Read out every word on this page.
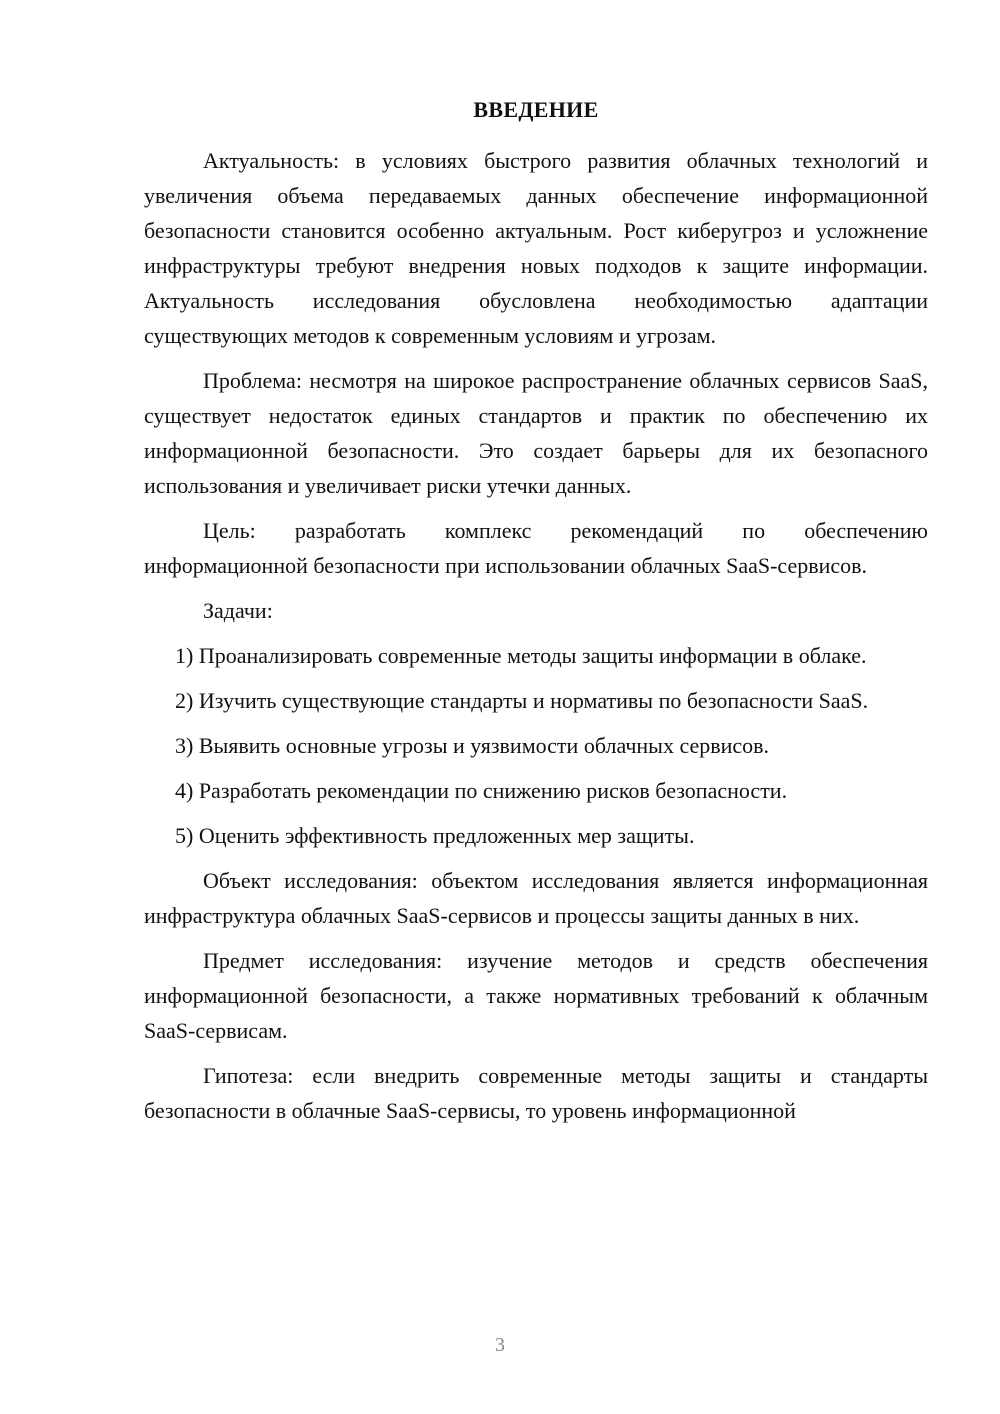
ВВЕДЕНИЕ

Актуальность: в условиях быстрого развития облачных технологий и увеличения объема передаваемых данных обеспечение информационной безопасности становится особенно актуальным. Рост киберугроз и усложнение инфраструктуры требуют внедрения новых подходов к защите информации. Актуальность исследования обусловлена необходимостью адаптации существующих методов к современным условиям и угрозам.

Проблема: несмотря на широкое распространение облачных сервисов SaaS, существует недостаток единых стандартов и практик по обеспечению их информационной безопасности. Это создает барьеры для их безопасного использования и увеличивает риски утечки данных.

Цель: разработать комплекс рекомендаций по обеспечению информационной безопасности при использовании облачных SaaS-сервисов.

Задачи:

1) Проанализировать современные методы защиты информации в облаке.

2) Изучить существующие стандарты и нормативы по безопасности SaaS.

3) Выявить основные угрозы и уязвимости облачных сервисов.

4) Разработать рекомендации по снижению рисков безопасности.

5) Оценить эффективность предложенных мер защиты.

Объект исследования: объектом исследования является информационная инфраструктура облачных SaaS-сервисов и процессы защиты данных в них.

Предмет исследования: изучение методов и средств обеспечения информационной безопасности, а также нормативных требований к облачным SaaS-сервисам.

Гипотеза: если внедрить современные методы защиты и стандарты безопасности в облачные SaaS-сервисы, то уровень информационной

3
